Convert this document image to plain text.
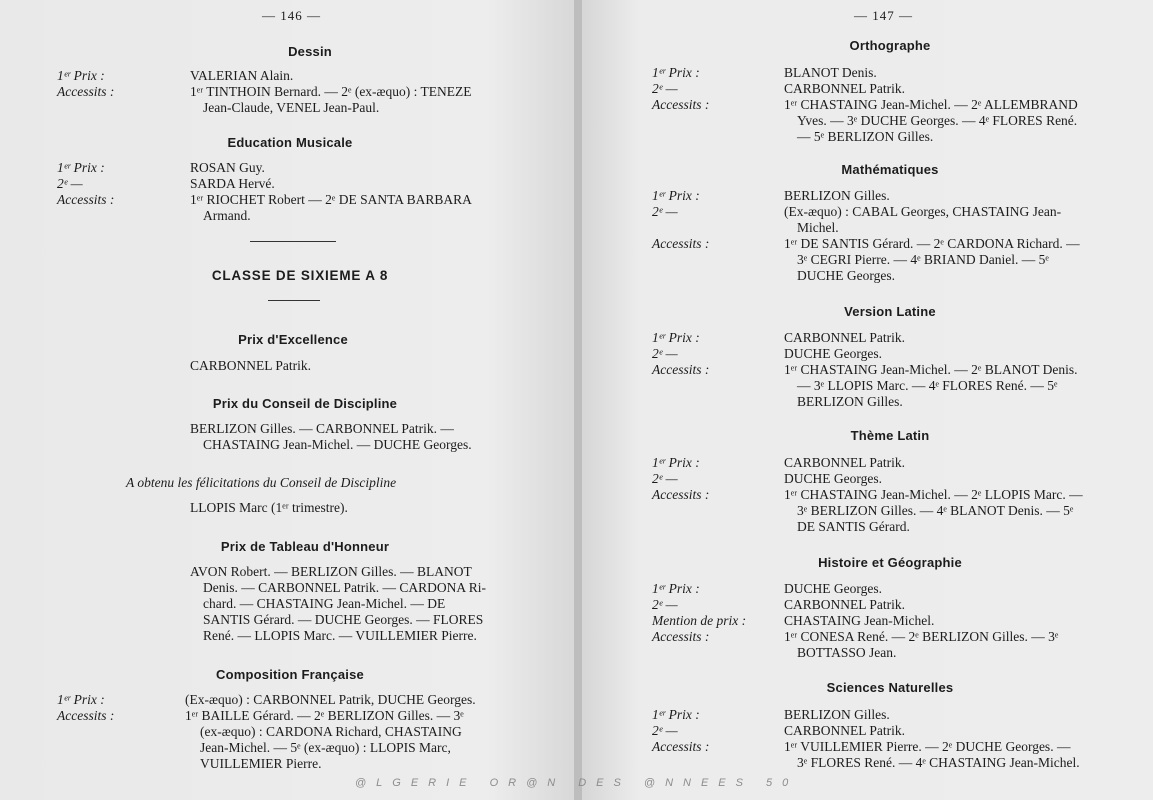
— 146 —
Dessin
1ᵉʳ Prix :	VALERIAN Alain.
Accessits :	1ᵉʳ TINTHOIN Bernard. — 2ᵉ (ex-æquo) : TENEZE
Jean-Claude, VENEL Jean-Paul.
Education Musicale
1ᵉʳ Prix :	ROSAN Guy.
2ᵉ —	SARDA Hervé.
Accessits :	1ᵉʳ RIOCHET Robert — 2ᵉ DE SANTA BARBARA
Armand.
CLASSE DE SIXIEME A 8
Prix d'Excellence
CARBONNEL Patrik.
Prix du Conseil de Discipline
BERLIZON Gilles. — CARBONNEL Patrik. —
CHASTAING Jean-Michel. — DUCHE Georges.
A obtenu les félicitations du Conseil de Discipline
LLOPIS Marc (1ᵉʳ trimestre).
Prix de Tableau d'Honneur
AVON Robert. — BERLIZON Gilles. — BLANOT
Denis. — CARBONNEL Patrik. — CARDONA Ri-
chard. — CHASTAING Jean-Michel. — DE
SANTIS Gérard. — DUCHE Georges. — FLORES
René. — LLOPIS Marc. — VUILLEMIER Pierre.
Composition Française
1ᵉʳ Prix :	(Ex-æquo) : CARBONNEL Patrik, DUCHE Georges.
Accessits :	1ᵉʳ BAILLE Gérard. — 2ᵉ BERLIZON Gilles. — 3ᵉ
(ex-æquo) : CARDONA Richard, CHASTAING
Jean-Michel. — 5ᵉ (ex-æquo) : LLOPIS Marc,
VUILLEMIER Pierre.
— 147 —
Orthographe
1ᵉʳ Prix :	BLANOT Denis.
2ᵉ —	CARBONNEL Patrik.
Accessits :	1ᵉʳ CHASTAING Jean-Michel. — 2ᵉ ALLEMBRAND
Yves. — 3ᵉ DUCHE Georges. — 4ᵉ FLORES René.
— 5ᵉ BERLIZON Gilles.
Mathématiques
1ᵉʳ Prix :	BERLIZON Gilles.
2ᵉ —	(Ex-æquo) : CABAL Georges, CHASTAING Jean-
Michel.
Accessits :	1ᵉʳ DE SANTIS Gérard. — 2ᵉ CARDONA Richard. —
3ᵉ CEGRI Pierre. — 4ᵉ BRIAND Daniel. — 5ᵉ
DUCHE Georges.
Version Latine
1ᵉʳ Prix :	CARBONNEL Patrik.
2ᵉ —	DUCHE Georges.
Accessits :	1ᵉʳ CHASTAING Jean-Michel. — 2ᵉ BLANOT Denis.
— 3ᵉ LLOPIS Marc. — 4ᵉ FLORES René. — 5ᵉ
BERLIZON Gilles.
Thème Latin
1ᵉʳ Prix :	CARBONNEL Patrik.
2ᵉ —	DUCHE Georges.
Accessits :	1ᵉʳ CHASTAING Jean-Michel. — 2ᵉ LLOPIS Marc. —
3ᵉ BERLIZON Gilles. — 4ᵉ BLANOT Denis. — 5ᵉ
DE SANTIS Gérard.
Histoire et Géographie
1ᵉʳ Prix :	DUCHE Georges.
2ᵉ —	CARBONNEL Patrik.
Mention de prix :	CHASTAING Jean-Michel.
Accessits :	1ᵉʳ CONESA René. — 2ᵉ BERLIZON Gilles. — 3ᵉ
BOTTASSO Jean.
Sciences Naturelles
1ᵉʳ Prix :	BERLIZON Gilles.
2ᵉ —	CARBONNEL Patrik.
Accessits :	1ᵉʳ VUILLEMIER Pierre. — 2ᵉ DUCHE Georges. —
3ᵉ FLORES René. — 4ᵉ CHASTAING Jean-Michel.
@LGERIE OR@N DES @NNEES 50
